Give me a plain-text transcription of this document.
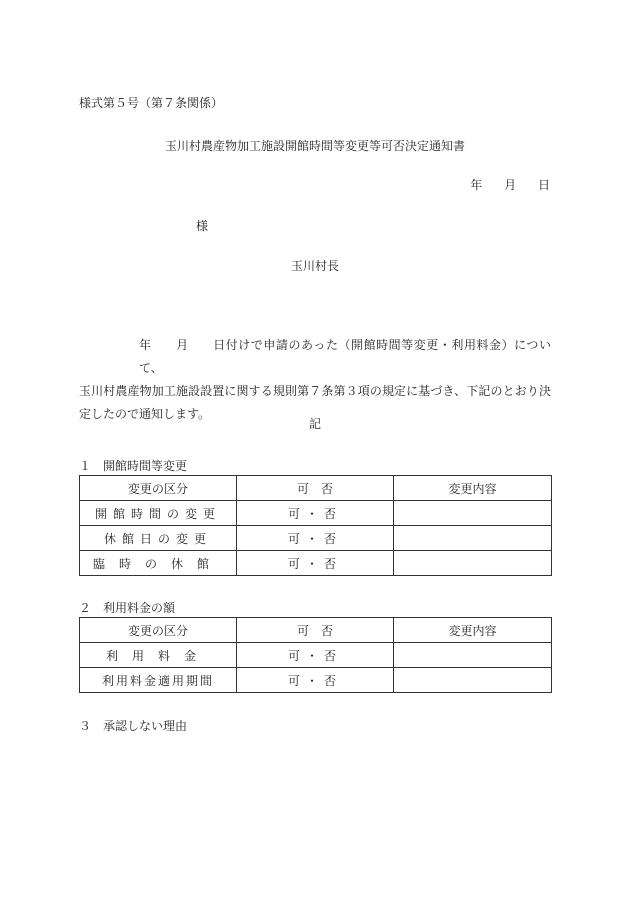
様式第５号（第７条関係）
玉川村農産物加工施設開館時間等変更等可否決定通知書
年 月 日
様
玉川村長
年 月 日付けで申請のあった（開館時間等変更・利用料金）について、
玉川村農産物加工施設設置に関する規則第７条第３項の規定に基づき、下記のとおり決定したので通知します。
記
１　開館時間等変更
変更の区分	可　否	変更内容
開館時間の変更	可・否	
休館日の変更	可・否	
臨時の休館	可・否	
２　利用料金の額
変更の区分	可　否	変更内容
利用料金	可・否	
利用料金適用期間	可・否	
３　承認しない理由
